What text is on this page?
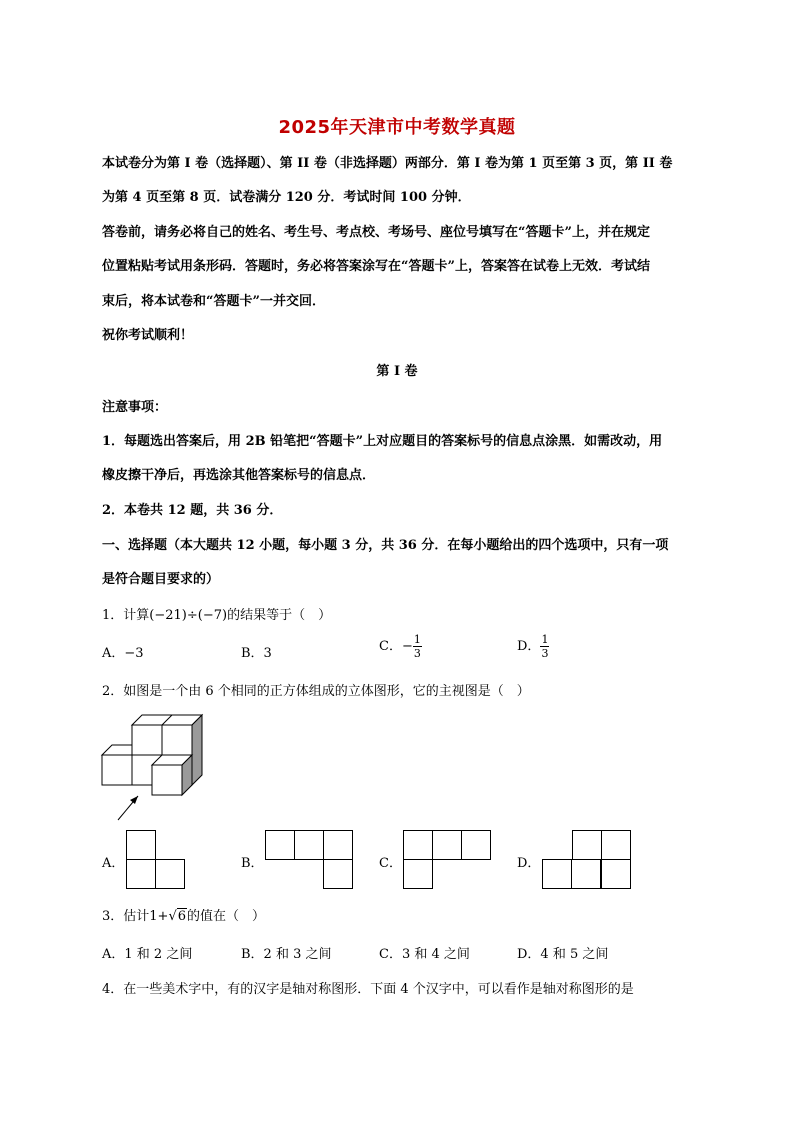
2025年天津市中考数学真题
本试卷分为第 I 卷（选择题）、第 II 卷（非选择题）两部分．第 I 卷为第 1 页至第 3 页，第 II 卷
为第 4 页至第 8 页．试卷满分 120 分．考试时间 100 分钟．
答卷前，请务必将自己的姓名、考生号、考点校、考场号、座位号填写在“答题卡”上，并在规定
位置粘贴考试用条形码．答题时，务必将答案涂写在“答题卡”上，答案答在试卷上无效．考试结
束后，将本试卷和“答题卡”一并交回．
祝你考试顺利！
第 I 卷
注意事项：
1．每题选出答案后，用 2B 铅笔把“答题卡”上对应题目的答案标号的信息点涂黑．如需改动，用
橡皮擦干净后，再选涂其他答案标号的信息点．
2．本卷共 12 题，共 36 分．
一、选择题（本大题共 12 小题，每小题 3 分，共 36 分．在每小题给出的四个选项中，只有一项
是符合题目要求的）
1．计算(−21)÷(−7)的结果等于（　）
A．−3	B．3	C．− $\frac{1}{3}$	D． $\frac{1}{3}$
2．如图是一个由 6 个相同的正方体组成的立体图形，它的主视图是（　）
A．	B．	C．	D．
3．估计1+√6的值在（　）
A．1 和 2 之间	B．2 和 3 之间	C．3 和 4 之间	D．4 和 5 之间
4．在一些美术字中，有的汉字是轴对称图形．下面 4 个汉字中，可以看作是轴对称图形的是
